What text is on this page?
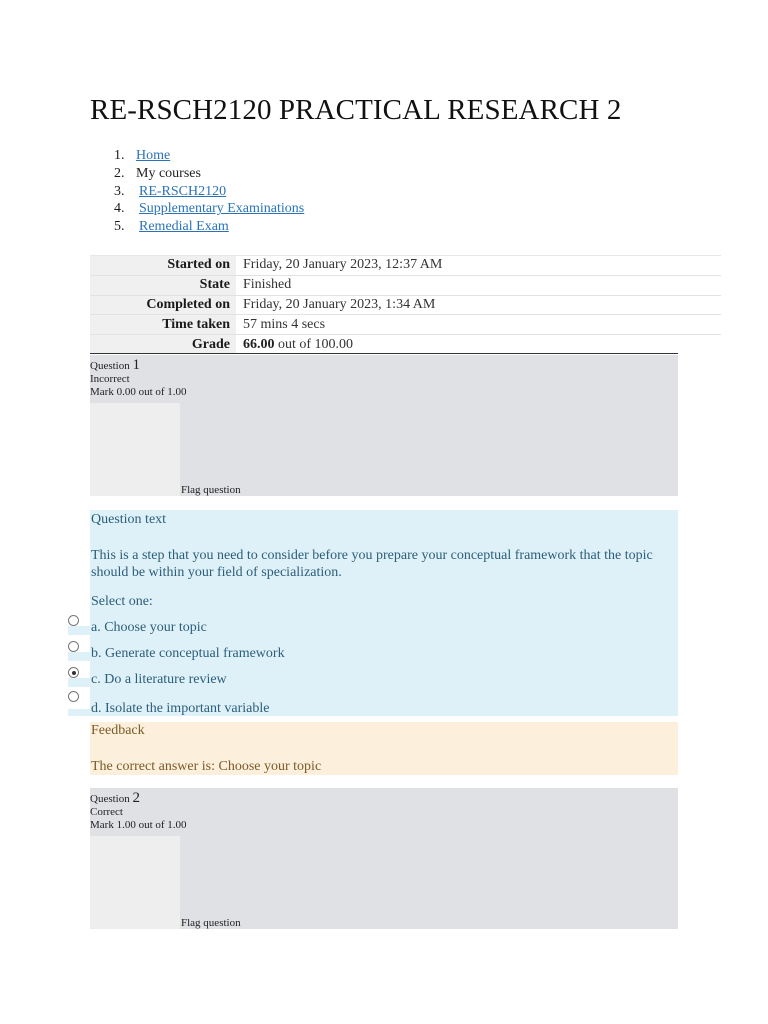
RE-RSCH2120 PRACTICAL RESEARCH 2
1. Home
2. My courses
3.	RE-RSCH2120
4.	Supplementary Examinations
5.	Remedial Exam
Started on	Friday, 20 January 2023, 12:37 AM
State	Finished
Completed on	Friday, 20 January 2023, 1:34 AM
Time taken	57 mins 4 secs
Grade	66.00 out of 100.00
Question 1
Incorrect
Mark 0.00 out of 1.00
Flag question

Question text

This is a step that you need to consider before you prepare your conceptual framework that the topic should be within your field of specialization.

Select one:

a. Choose your topic

b. Generate conceptual framework

c. Do a literature review

d. Isolate the important variable

Feedback

The correct answer is: Choose your topic

Question 2
Correct
Mark 1.00 out of 1.00
Flag question
